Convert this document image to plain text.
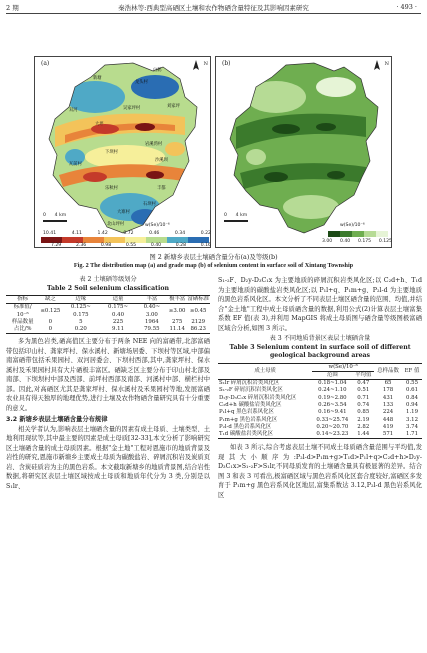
2 期	秦浩林等:西典型高硒区土壤和农作物硒含量特征及其影响因素研究	· 493 ·
(a)	N
新塘
龙头村
白鹤
双河	吴家坪村	刘家坪
大坪
岩溪湾村
下坝村
瓦前村
沙溪坝
乐秋村	丰都
石坝村
大寨村
北山坪村
0      4 km
w(Se)/10⁻⁶
10.41	4.11	1.42	0.72	0.46	0.34	0.22
7.29	2.36	0.98	0.55	0.40	0.28	0.16
(b)	N
0      4 km
w(Se)/10⁻⁶
3.00 0.40 0.175 0.125
图 2 新塘乡表层土壤硒含量分布(a)及等级(b)
Fig. 2 The distribution map (a) and grade map (b) of selenium content in surface soil of Xintang Township
表 2 土壤硒等级划分
Table 2 Soil selenium classification
指标	缺乏	边缘	适量	丰富	极丰富	富硒标准
标准值/ 10⁻⁶	≤0.125	0.125~ 0.175	0.175~ 0.40	0.40~ 3.00	≥3.00	≥0.45
样品数量	0	5	225	1964	275	2129
占比/%	0	0.20	9.11	79.55	11.14	86.23

多为黑色岩类,硒高值区主要分布于两条 NEE 向的富硒带,北部富硒带包括印山村、龚家坪村、保水溪村、新塘场居委、下坝村等区域,中部偏南富硒带包括禾果园村、双河居委会、下坝村西部,其中,龚家坪村、保水溪村及禾果园村具有大片硒极丰富区。硒缺乏区主要分布于印山村北部及南部、下坝坝村中部及西部、前坪村西部及南部、河溪村中部、横栏村中部。因此,对高硒区尤其是龚家坪村、保水溪村及禾果园村等地,发展富硒农业具有得天独厚的地理优势,进行土壤及农作物硒含量研究具有十分重要的意义。

3.2 新塘乡表层土壤硒含量分布规律

相关学者认为,影响表层土壤硒含量的因素有成土母质、土壤类型、土地利用现状等,其中最主要的因素是成土母质[32-33],本文分析了影响研究区土壤硒含量的成土母质因素。根据"金土地"工程对恩施市的地质背景及岩性的研究,恩施市新塘乡主要成土母质为碳酸盐岩、碎屑沉积岩及炭质页岩、含炭硅质岩为主的黑色岩系。本文截取新塘乡的地质背景图,结合岩性数据,将研究区表层土壤区域按成土母质和地质年代分为 3 类,分别是以 S₁lr、

S₁-₂F、D₂y-D₃C₁x 为主要地质的碎屑沉积岩类风化区;以 C₂d+h、T₁d 为主要地质的碳酸盐岩类风化区;以 P₁l+q、P₁m+g、P₂l-d 为主要地质的黑色岩系风化区。本文分析了不同表层土壤区硒含量的范围、均值,并结合"金土地"工程中成土母质硒含量的数据,利用公式(2)计算表层土壤富集系数 EF 值(表 3),并利用 MapGIS 将成土母质图与硒含量等级图极富硒区域合分析,如图 3 所示。

表 3 不同地质背景区表层土壤硒含量
Table 3 Selenium content in surface soil of different geological background areas
成土母质	w(Se)/10⁻⁶		总样品数	EF 值
	范围	平均值		
S₁lr 碎屑沉积岩类风化区	0.18~1.04	0.47	65	0.55
S₁-₂F 碎屑沉积岩类风化区	0.24~1.10	0.51	178	0.61
D₂y-D₃C₁x 碎屑沉积岩类风化区	0.19~2.80	0.71	431	0.84
C₂d+h 碳酸盐岩类风化区	0.26~3.54	0.74	133	0.94
P₁l+q 黑色岩系风化区	0.16~9.41	0.85	224	1.19
P₁m+g 黑色岩系风化区	0.33~25.74	2.19	448	3.12
P₂l-d 黑色岩系风化区	0.20~20.70	2.82	419	3.74
T₁d 碳酸盐岩类风化区	0.14~23.23	1.44	571	1.71

如表 3 所示,综合考虑表层土壤不同成土母质硒含量范围与平均值,发现其大小顺序为:P₂l-d>P₁m+g>T₁d>P₁l+q>C₂d+h>D₂y-D₃C₁x>S₁-₂F>S₁lr,不同母质发育的土壤硒含量具有极显著的差异。结合图 3 和表 3 可看出,极富硒区域与黑色岩系风化区套合度较好,富硒区多发育于 P₁m+g 黑色岩系风化区地层,富集系数达 3.12,P₂l-d 黑色岩系风化区
